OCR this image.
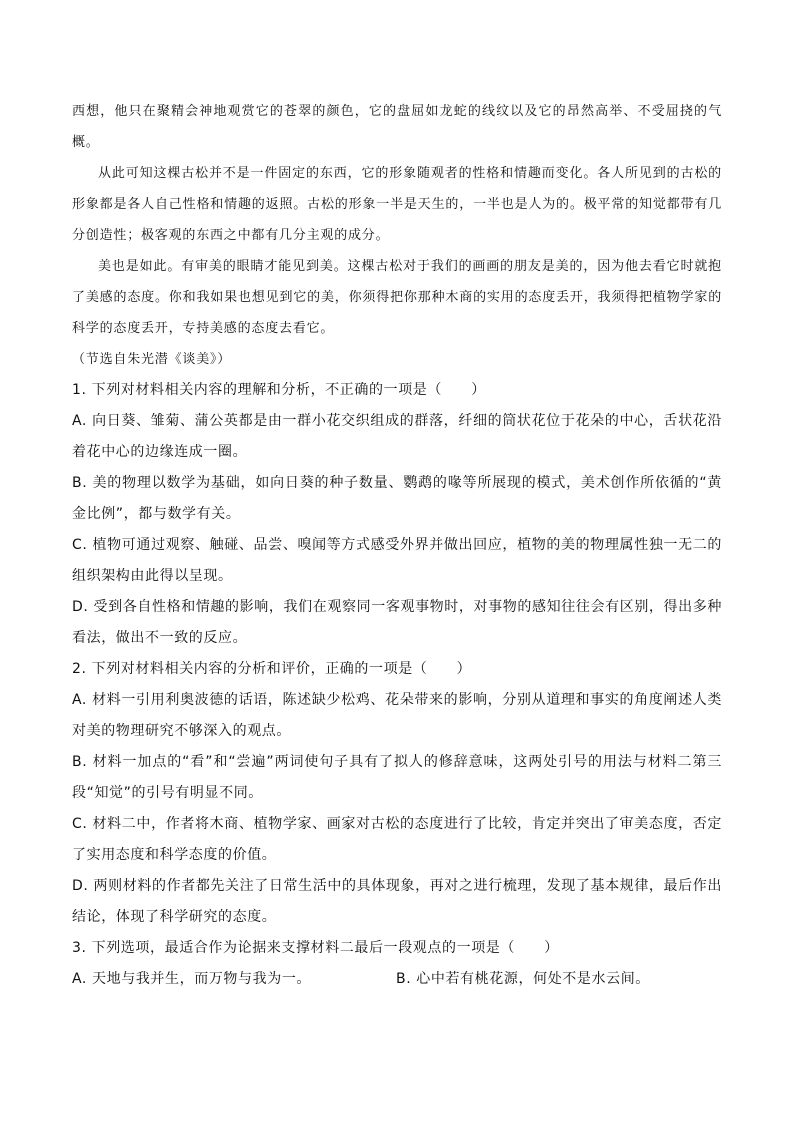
西想，他只在聚精会神地观赏它的苍翠的颜色，它的盘屈如龙蛇的线纹以及它的昂然高举、不受屈挠的气概。

从此可知这棵古松并不是一件固定的东西，它的形象随观者的性格和情趣而变化。各人所见到的古松的形象都是各人自己性格和情趣的返照。古松的形象一半是天生的，一半也是人为的。极平常的知觉都带有几分创造性；极客观的东西之中都有几分主观的成分。

美也是如此。有审美的眼睛才能见到美。这棵古松对于我们的画画的朋友是美的，因为他去看它时就抱了美感的态度。你和我如果也想见到它的美，你须得把你那种木商的实用的态度丢开，我须得把植物学家的科学的态度丢开，专持美感的态度去看它。

（节选自朱光潜《谈美》）

1. 下列对材料相关内容的理解和分析，不正确的一项是（　　）

A. 向日葵、雏菊、蒲公英都是由一群小花交织组成的群落，纤细的筒状花位于花朵的中心，舌状花沿着花中心的边缘连成一圈。

B. 美的物理以数学为基础，如向日葵的种子数量、鹦鹉的喙等所展现的模式，美术创作所依循的“黄金比例”，都与数学有关。

C. 植物可通过观察、触碰、品尝、嗅闻等方式感受外界并做出回应，植物的美的物理属性独一无二的组织架构由此得以呈现。

D. 受到各自性格和情趣的影响，我们在观察同一客观事物时，对事物的感知往往会有区别，得出多种看法，做出不一致的反应。

2. 下列对材料相关内容的分析和评价，正确的一项是（　　）

A. 材料一引用利奥波德的话语，陈述缺少松鸡、花朵带来的影响，分别从道理和事实的角度阐述人类对美的物理研究不够深入的观点。

B. 材料一加点的“看”和“尝遍”两词使句子具有了拟人的修辞意味，这两处引号的用法与材料二第三段“知觉”的引号有明显不同。

C. 材料二中，作者将木商、植物学家、画家对古松的态度进行了比较，肯定并突出了审美态度，否定了实用态度和科学态度的价值。

D. 两则材料的作者都先关注了日常生活中的具体现象，再对之进行梳理，发现了基本规律，最后作出结论，体现了科学研究的态度。

3. 下列选项，最适合作为论据来支撑材料二最后一段观点的一项是（　　）

A. 天地与我并生，而万物与我为一。	B. 心中若有桃花源，何处不是水云间。
